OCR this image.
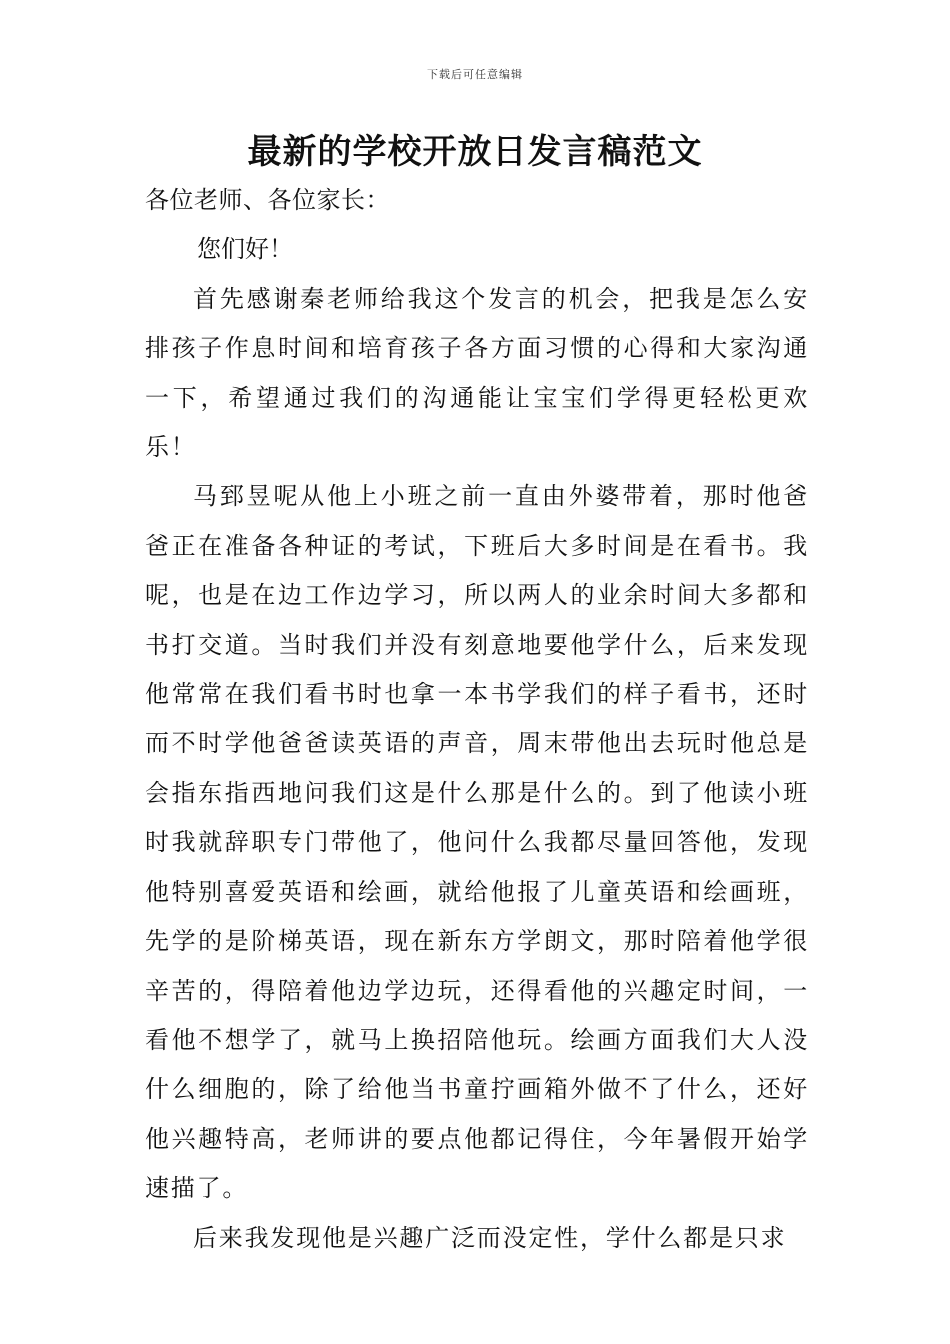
下载后可任意编辑
最新的学校开放日发言稿范文

各位老师、各位家长：

您们好！

首先感谢秦老师给我这个发言的机会，把我是怎么安排孩子作息时间和培育孩子各方面习惯的心得和大家沟通一下，希望通过我们的沟通能让宝宝们学得更轻松更欢乐！

马郅昱呢从他上小班之前一直由外婆带着，那时他爸爸正在准备各种证的考试，下班后大多时间是在看书。我呢，也是在边工作边学习，所以两人的业余时间大多都和书打交道。当时我们并没有刻意地要他学什么，后来发现他常常在我们看书时也拿一本书学我们的样子看书，还时而不时学他爸爸读英语的声音，周末带他出去玩时他总是会指东指西地问我们这是什么那是什么的。到了他读小班时我就辞职专门带他了，他问什么我都尽量回答他，发现他特别喜爱英语和绘画，就给他报了儿童英语和绘画班，先学的是阶梯英语，现在新东方学朗文，那时陪着他学很辛苦的，得陪着他边学边玩，还得看他的兴趣定时间，一看他不想学了，就马上换招陪他玩。绘画方面我们大人没什么细胞的，除了给他当书童拧画箱外做不了什么，还好他兴趣特高，老师讲的要点他都记得住，今年暑假开始学速描了。

后来我发现他是兴趣广泛而没定性，学什么都是只求
